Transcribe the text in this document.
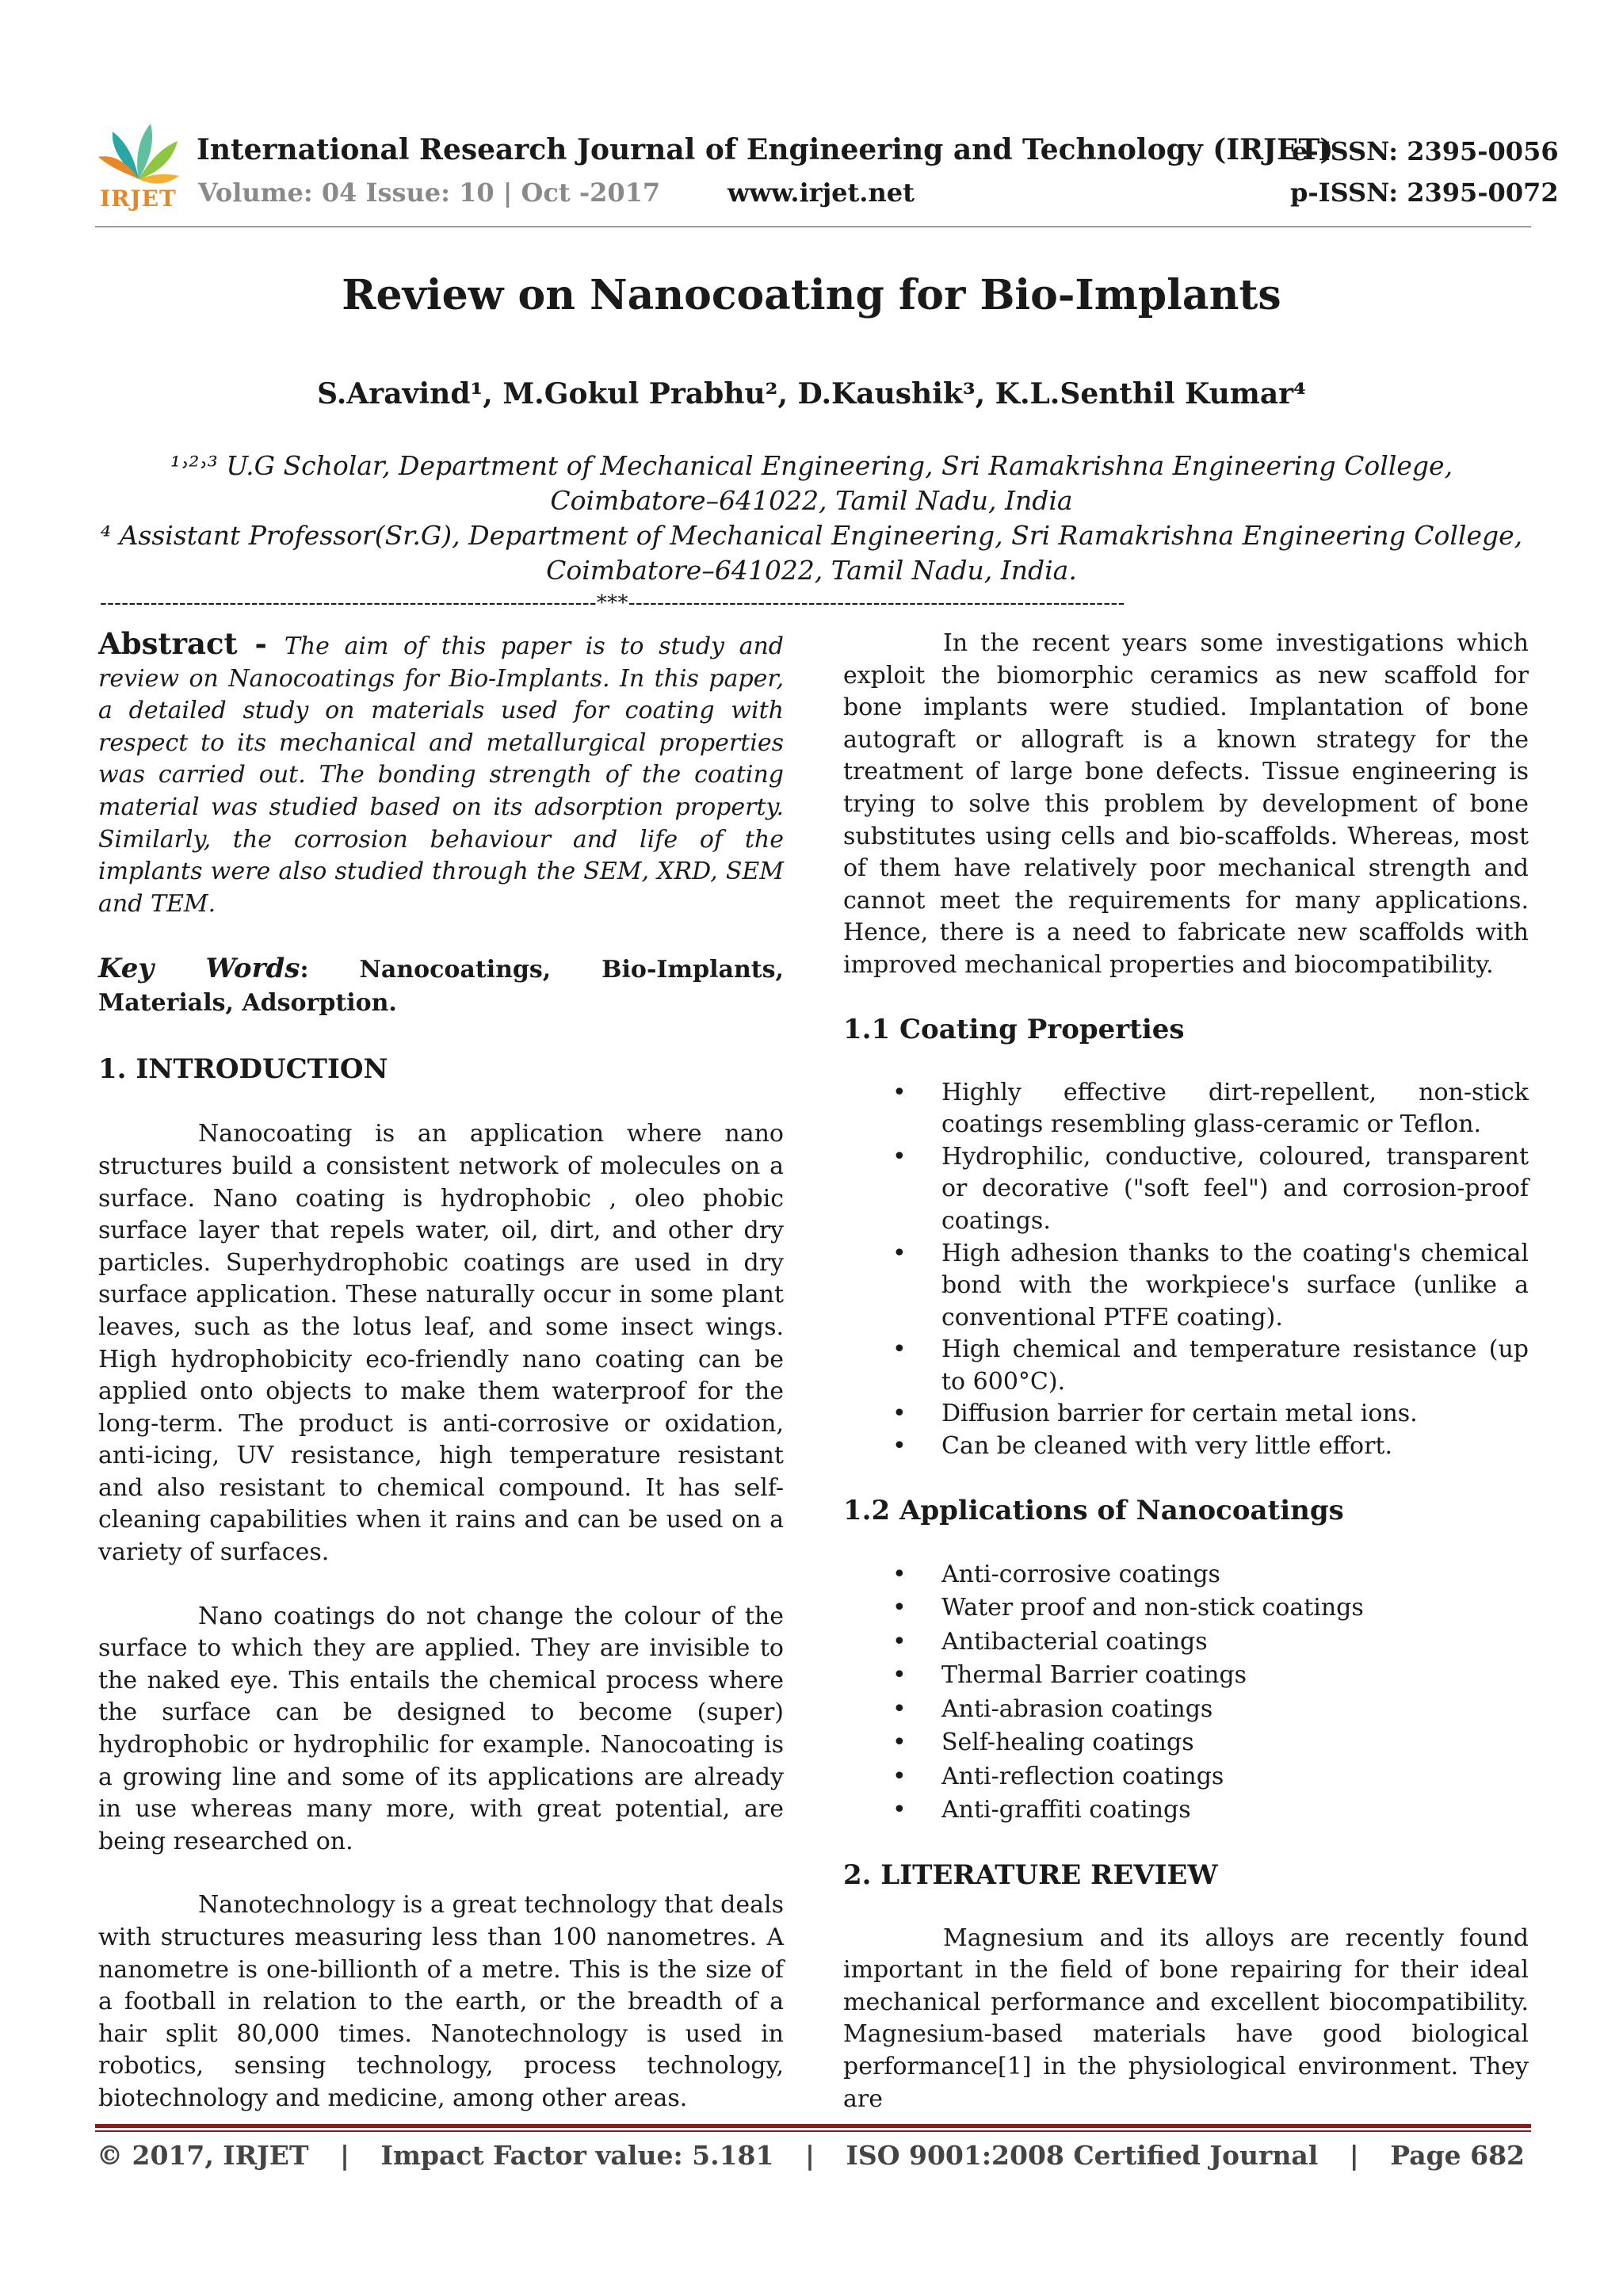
IRJET
International Research Journal of Engineering and Technology (IRJET)
e-ISSN: 2395-0056
Volume: 04 Issue: 10 | Oct -2017	www.irjet.net	p-ISSN: 2395-0072
Review on Nanocoating for Bio-Implants
S.Aravind¹, M.Gokul Prabhu², D.Kaushik³, K.L.Senthil Kumar⁴
¹˒²˒³ U.G Scholar, Department of Mechanical Engineering, Sri Ramakrishna Engineering College,
Coimbatore–641022, Tamil Nadu, India
⁴ Assistant Professor(Sr.G), Department of Mechanical Engineering, Sri Ramakrishna Engineering College,
Coimbatore–641022, Tamil Nadu, India.
---------------------------------------------------------------------***---------------------------------------------------------------------

Abstract - The aim of this paper is to study and review on Nanocoatings for Bio-Implants. In this paper, a detailed study on materials used for coating with respect to its mechanical and metallurgical properties was carried out. The bonding strength of the coating material was studied based on its adsorption property. Similarly, the corrosion behaviour and life of the implants were also studied through the SEM, XRD, SEM and TEM.

Key Words: Nanocoatings, Bio-Implants, Materials, Adsorption.

1. INTRODUCTION

Nanocoating is an application where nano structures build a consistent network of molecules on a surface. Nano coating is hydrophobic , oleo phobic surface layer that repels water, oil, dirt, and other dry particles. Superhydrophobic coatings are used in dry surface application. These naturally occur in some plant leaves, such as the lotus leaf, and some insect wings. High hydrophobicity eco-friendly nano coating can be applied onto objects to make them waterproof for the long-term. The product is anti-corrosive or oxidation, anti-icing, UV resistance, high temperature resistant and also resistant to chemical compound. It has self-cleaning capabilities when it rains and can be used on a variety of surfaces.

Nano coatings do not change the colour of the surface to which they are applied. They are invisible to the naked eye. This entails the chemical process where the surface can be designed to become (super) hydrophobic or hydrophilic for example. Nanocoating is a growing line and some of its applications are already in use whereas many more, with great potential, are being researched on.

Nanotechnology is a great technology that deals with structures measuring less than 100 nanometres. A nanometre is one-billionth of a metre. This is the size of a football in relation to the earth, or the breadth of a hair split 80,000 times. Nanotechnology is used in robotics, sensing technology, process technology, biotechnology and medicine, among other areas.

In the recent years some investigations which exploit the biomorphic ceramics as new scaffold for bone implants were studied. Implantation of bone autograft or allograft is a known strategy for the treatment of large bone defects. Tissue engineering is trying to solve this problem by development of bone substitutes using cells and bio-scaffolds. Whereas, most of them have relatively poor mechanical strength and cannot meet the requirements for many applications. Hence, there is a need to fabricate new scaffolds with improved mechanical properties and biocompatibility.

1.1 Coating Properties
• Highly effective dirt-repellent, non-stick coatings resembling glass-ceramic or Teflon.
• Hydrophilic, conductive, coloured, transparent or decorative ("soft feel") and corrosion-proof coatings.
• High adhesion thanks to the coating's chemical bond with the workpiece's surface (unlike a conventional PTFE coating).
• High chemical and temperature resistance (up to 600°C).
• Diffusion barrier for certain metal ions.
• Can be cleaned with very little effort.
1.2 Applications of Nanocoatings
• Anti-corrosive coatings
• Water proof and non-stick coatings
• Antibacterial coatings
• Thermal Barrier coatings
• Anti-abrasion coatings
• Self-healing coatings
• Anti-reflection coatings
• Anti-graffiti coatings
2. LITERATURE REVIEW

Magnesium and its alloys are recently found important in the field of bone repairing for their ideal mechanical performance and excellent biocompatibility. Magnesium-based materials have good biological performance[1] in the physiological environment. They are

© 2017, IRJET | Impact Factor value: 5.181 | ISO 9001:2008 Certified Journal | Page 682
